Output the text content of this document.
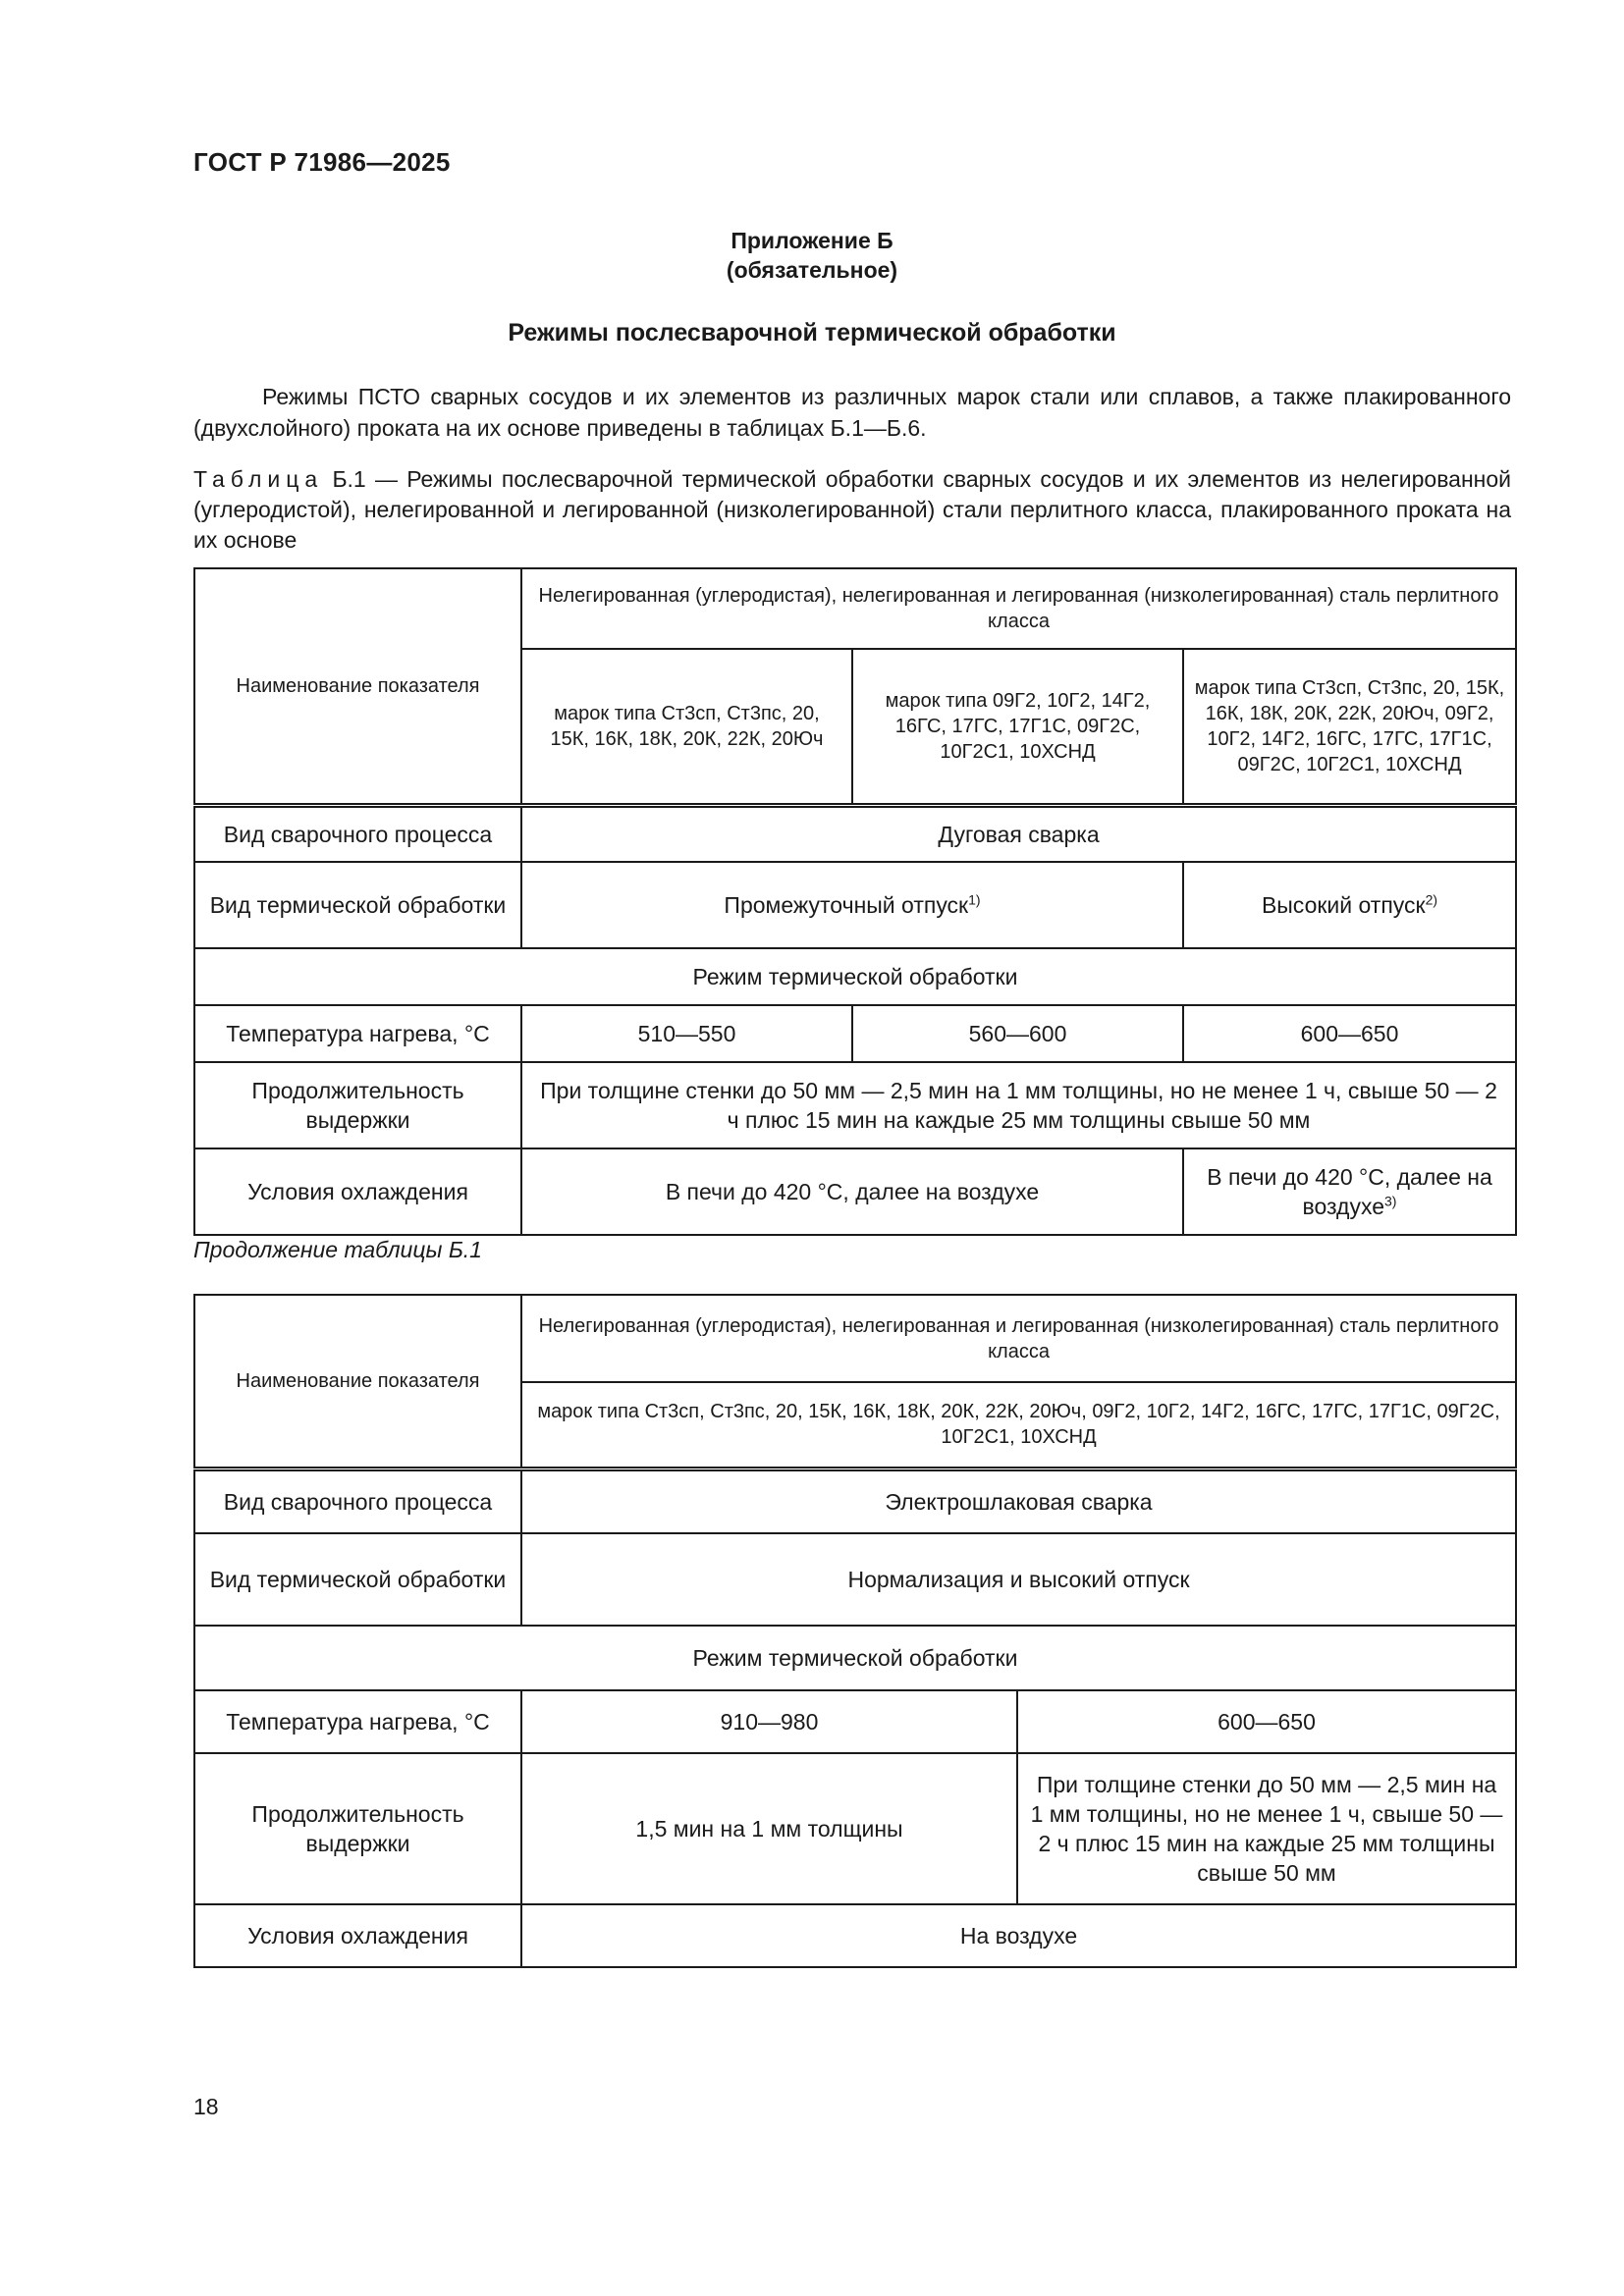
ГОСТ Р 71986—2025
Приложение Б
(обязательное)
Режимы послесварочной термической обработки
Режимы ПСТО сварных сосудов и их элементов из различных марок стали или сплавов, а также плакированного (двухслойного) проката на их основе приведены в таблицах Б.1—Б.6.
Таблица Б.1 — Режимы послесварочной термической обработки сварных сосудов и их элементов из нелегированной (углеродистой), нелегированной и легированной (низколегированной) стали перлитного класса, плакированного проката на их основе
Наименование показателя	Нелегированная (углеродистая), нелегированная и легированная (низколегированная) сталь перлитного класса		
	марок типа Ст3сп, Ст3пс, 20, 15К, 16К, 18К, 20К, 22К, 20Юч	марок типа 09Г2, 10Г2, 14Г2, 16ГС, 17ГС, 17Г1С, 09Г2С, 10Г2С1, 10ХСНД	марок типа Ст3сп, Ст3пс, 20, 15К, 16К, 18К, 20К, 22К, 20Юч, 09Г2, 10Г2, 14Г2, 16ГС, 17ГС, 17Г1С, 09Г2С, 10Г2С1, 10ХСНД
Вид сварочного процесса	Дуговая сварка		
Вид термической обработки	Промежуточный отпуск$^{1)}$		Высокий отпуск$^{2)}$
Режим термической обработки			
Температура нагрева, °С	510—550	560—600	600—650
Продолжительность выдержки	При толщине стенки до 50 мм — 2,5 мин на 1 мм толщины, но не менее 1 ч, свыше 50 — 2 ч плюс 15 мин на каждые 25 мм толщины свыше 50 мм		
Условия охлаждения	В печи до 420 °С, далее на воздухе		В печи до 420 °С, далее на воздухе$^{3)}$
Продолжение таблицы Б.1
Наименование показателя	Нелегированная (углеродистая), нелегированная и легированная (низколегированная) сталь перлитного класса	
	марок типа Ст3сп, Ст3пс, 20, 15К, 16К, 18К, 20К, 22К, 20Юч, 09Г2, 10Г2, 14Г2, 16ГС, 17ГС, 17Г1С, 09Г2С, 10Г2С1, 10ХСНД	
Вид сварочного процесса	Электрошлаковая сварка	
Вид термической обработки	Нормализация и высокий отпуск	
Режим термической обработки		
Температура нагрева, °С	910—980	600—650
Продолжительность выдержки	1,5 мин на 1 мм толщины	При толщине стенки до 50 мм — 2,5 мин на 1 мм толщины, но не менее 1 ч, свыше 50 — 2 ч плюс 15 мин на каждые 25 мм толщины свыше 50 мм
Условия охлаждения	На воздухе	
18
